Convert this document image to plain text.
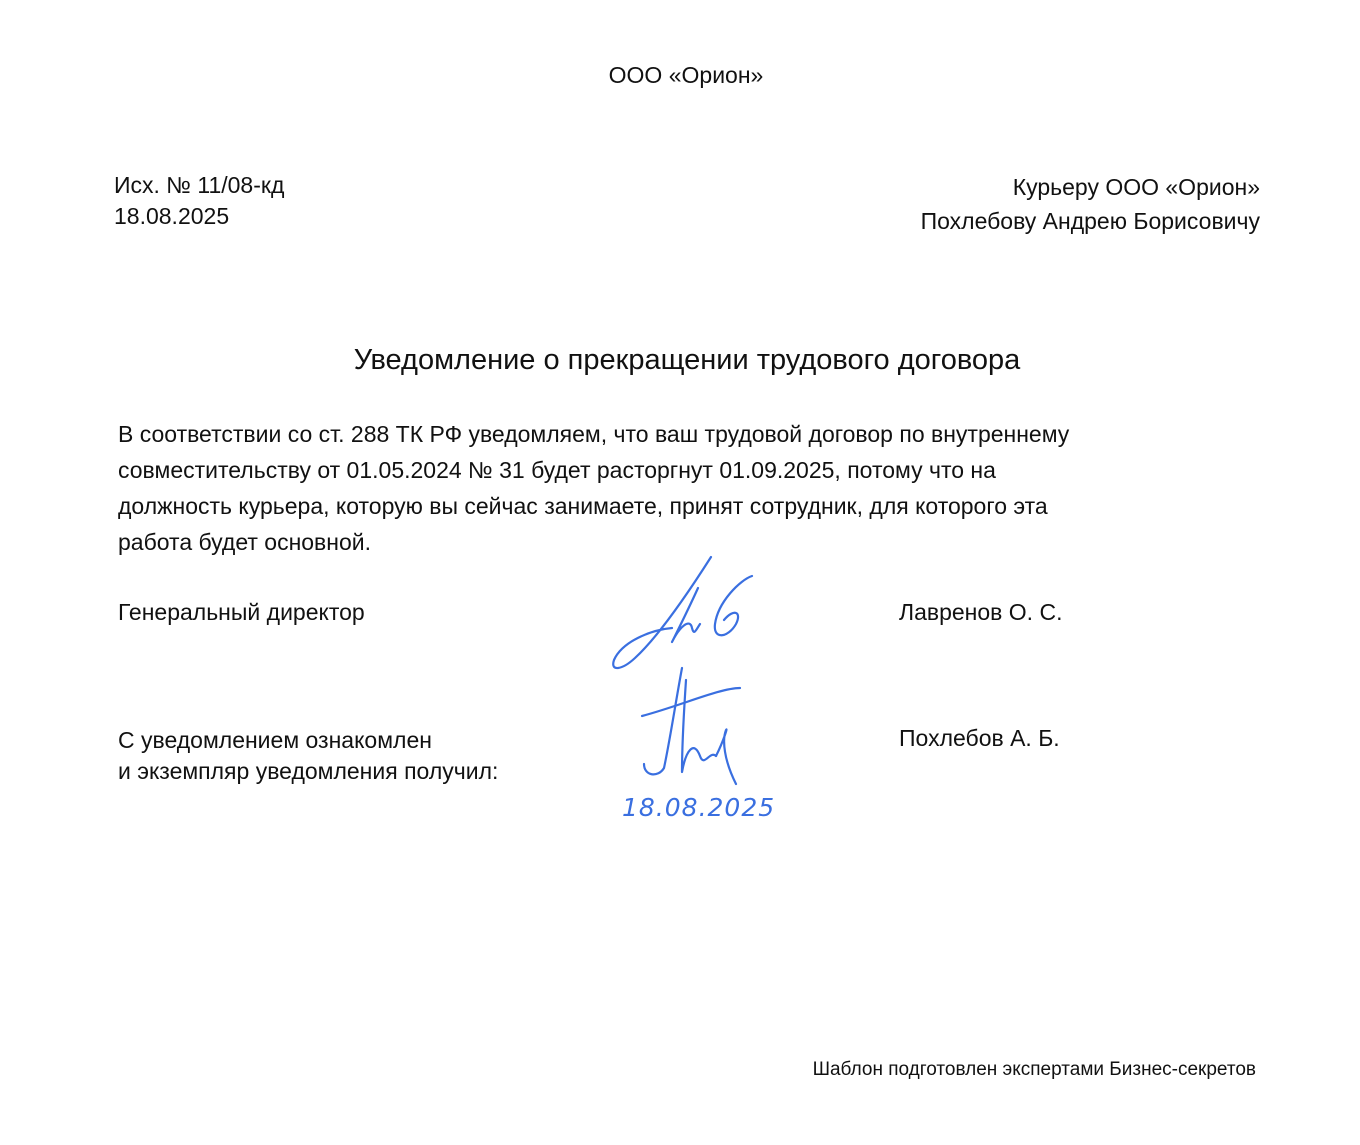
ООО «Орион»
Исх. № 11/08-кд
18.08.2025
Курьеру ООО «Орион»
Похлебову Андрею Борисовичу
Уведомление о прекращении трудового договора
В соответствии со ст. 288 ТК РФ уведомляем, что ваш трудовой договор по внутреннему
совместительству от 01.05.2024 № 31 будет расторгнут 01.09.2025, потому что на
должность курьера, которую вы сейчас занимаете, принят сотрудник, для которого эта
работа будет основной.
Генеральный директор	Лавренов О. С.
С уведомлением ознакомлен
и экземпляр уведомления получил:
Похлебов А. Б.
18.08.2025
Шаблон подготовлен экспертами Бизнес-секретов
